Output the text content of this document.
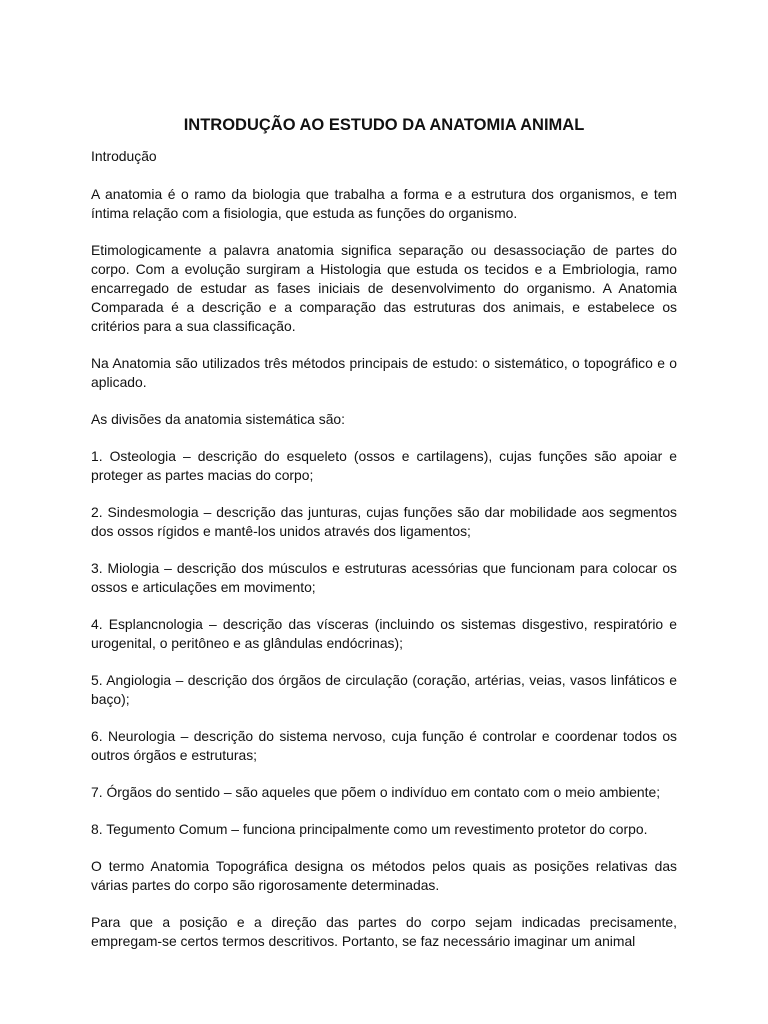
INTRODUÇÃO AO ESTUDO DA ANATOMIA ANIMAL

Introdução

A anatomia é o ramo da biologia que trabalha a forma e a estrutura dos organismos, e tem íntima relação com a fisiologia, que estuda as funções do organismo.

Etimologicamente a palavra anatomia significa separação ou desassociação de partes do corpo. Com a evolução surgiram a Histologia que estuda os tecidos e a Embriologia, ramo encarregado de estudar as fases iniciais de desenvolvimento do organismo. A Anatomia Comparada é a descrição e a comparação das estruturas dos animais, e estabelece os critérios para a sua classificação.

Na Anatomia são utilizados três métodos principais de estudo: o sistemático, o topográfico e o aplicado.

As divisões da anatomia sistemática são:

1. Osteologia – descrição do esqueleto (ossos e cartilagens), cujas funções são apoiar e proteger as partes macias do corpo;

2. Sindesmologia – descrição das junturas, cujas funções são dar mobilidade aos segmentos dos ossos rígidos e mantê-los unidos através dos ligamentos;

3. Miologia – descrição dos músculos e estruturas acessórias que funcionam para colocar os ossos e articulações em movimento;

4. Esplancnologia – descrição das vísceras (incluindo os sistemas disgestivo, respiratório e urogenital, o peritôneo e as glândulas endócrinas);

5. Angiologia – descrição dos órgãos de circulação (coração, artérias, veias, vasos linfáticos e baço);

6. Neurologia – descrição do sistema nervoso, cuja função é controlar e coordenar todos os outros órgãos e estruturas;

7. Órgãos do sentido – são aqueles que põem o indivíduo em contato com o meio ambiente;

8. Tegumento Comum – funciona principalmente como um revestimento protetor do corpo.

O termo Anatomia Topográfica designa os métodos pelos quais as posições relativas das várias partes do corpo são rigorosamente determinadas.

Para que a posição e a direção das partes do corpo sejam indicadas precisamente, empregam-se certos termos descritivos. Portanto, se faz necessário imaginar um animal
